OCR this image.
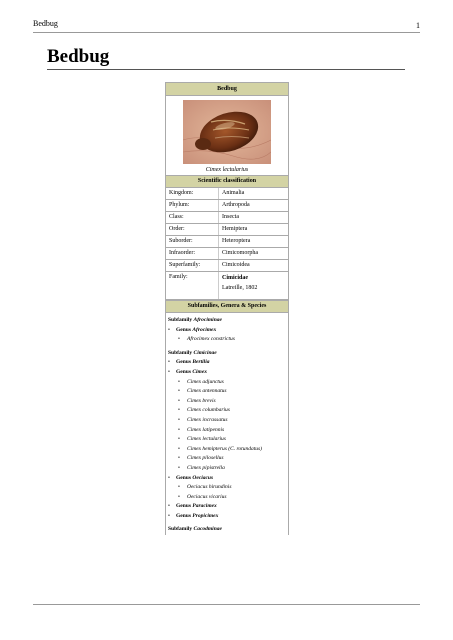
Bedbug	1
Bedbug
Bedbug
Cimex lectularius
Scientific classification
Kingdom:	Animalia
Phylum:	Arthropoda
Class:	Insecta
Order:	Hemiptera
Suborder:	Heteroptera
Infraorder:	Cimicomorpha
Superfamily:	Cimicoidea
Family:	Cimicidae
Latreille, 1802
Subfamilies, Genera & Species
Subfamily Afrociminae
• Genus Afrocimex
• Afrocimex constrictus
Subfamily Cimicinae
• Genus Bertilia
• Genus Cimex
• Cimex adjunctus
• Cimex antennatus
• Cimex brevis
• Cimex columbarius
• Cimex incrassatus
• Cimex latipennis
• Cimex lectularius
• Cimex hemipterus (C. rotundatus)
• Cimex pilosellus
• Cimex pipistrella
• Genus Oeciacus
• Oeciacus hirundinis
• Oeciacus vicarius
• Genus Paracimex
• Genus Propicimex
Subfamily Cacodminae
